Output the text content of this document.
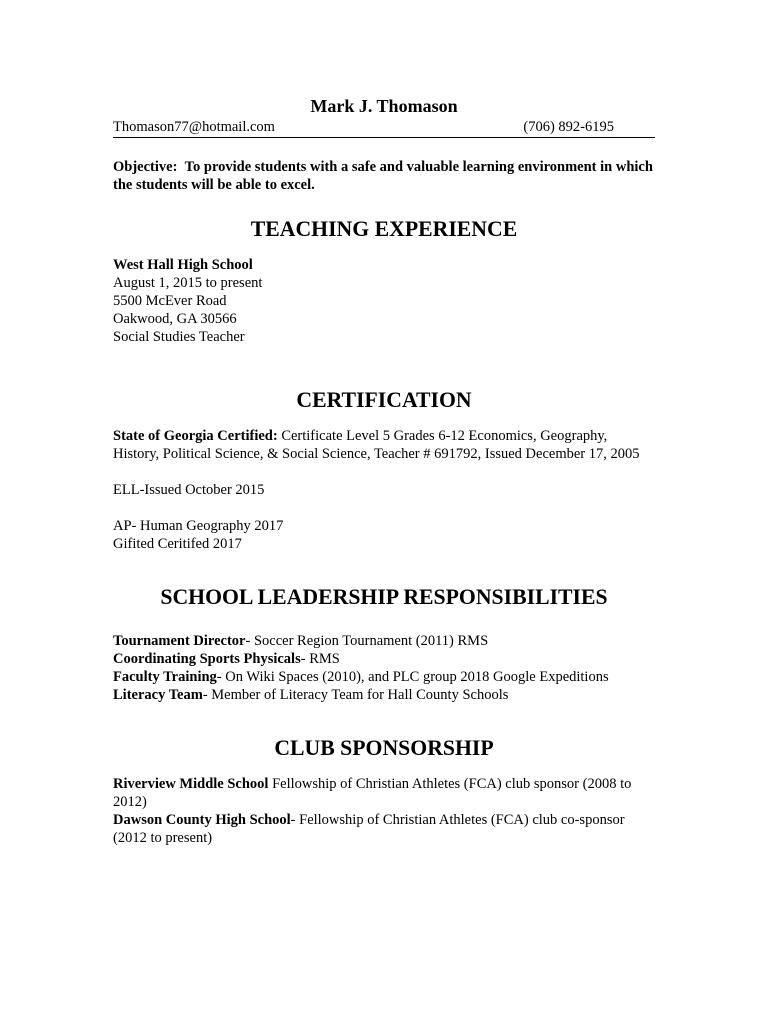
Mark J. Thomason
Thomason77@hotmail.com	(706) 892-6195

Objective: To provide students with a safe and valuable learning environment in which the students will be able to excel.

TEACHING EXPERIENCE

West Hall High School

August 1, 2015 to present

5500 McEver Road

Oakwood, GA 30566

Social Studies Teacher

CERTIFICATION

State of Georgia Certified: Certificate Level 5 Grades 6-12 Economics, Geography, History, Political Science, & Social Science, Teacher # 691792, Issued December 17, 2005

ELL-Issued October 2015

AP- Human Geography 2017

Gifited Ceritifed 2017

SCHOOL LEADERSHIP RESPONSIBILITIES

Tournament Director- Soccer Region Tournament (2011) RMS

Coordinating Sports Physicals- RMS

Faculty Training- On Wiki Spaces (2010), and PLC group 2018 Google Expeditions

Literacy Team- Member of Literacy Team for Hall County Schools

CLUB SPONSORSHIP

Riverview Middle School Fellowship of Christian Athletes (FCA) club sponsor (2008 to 2012)

Dawson County High School- Fellowship of Christian Athletes (FCA) club co-sponsor (2012 to present)
